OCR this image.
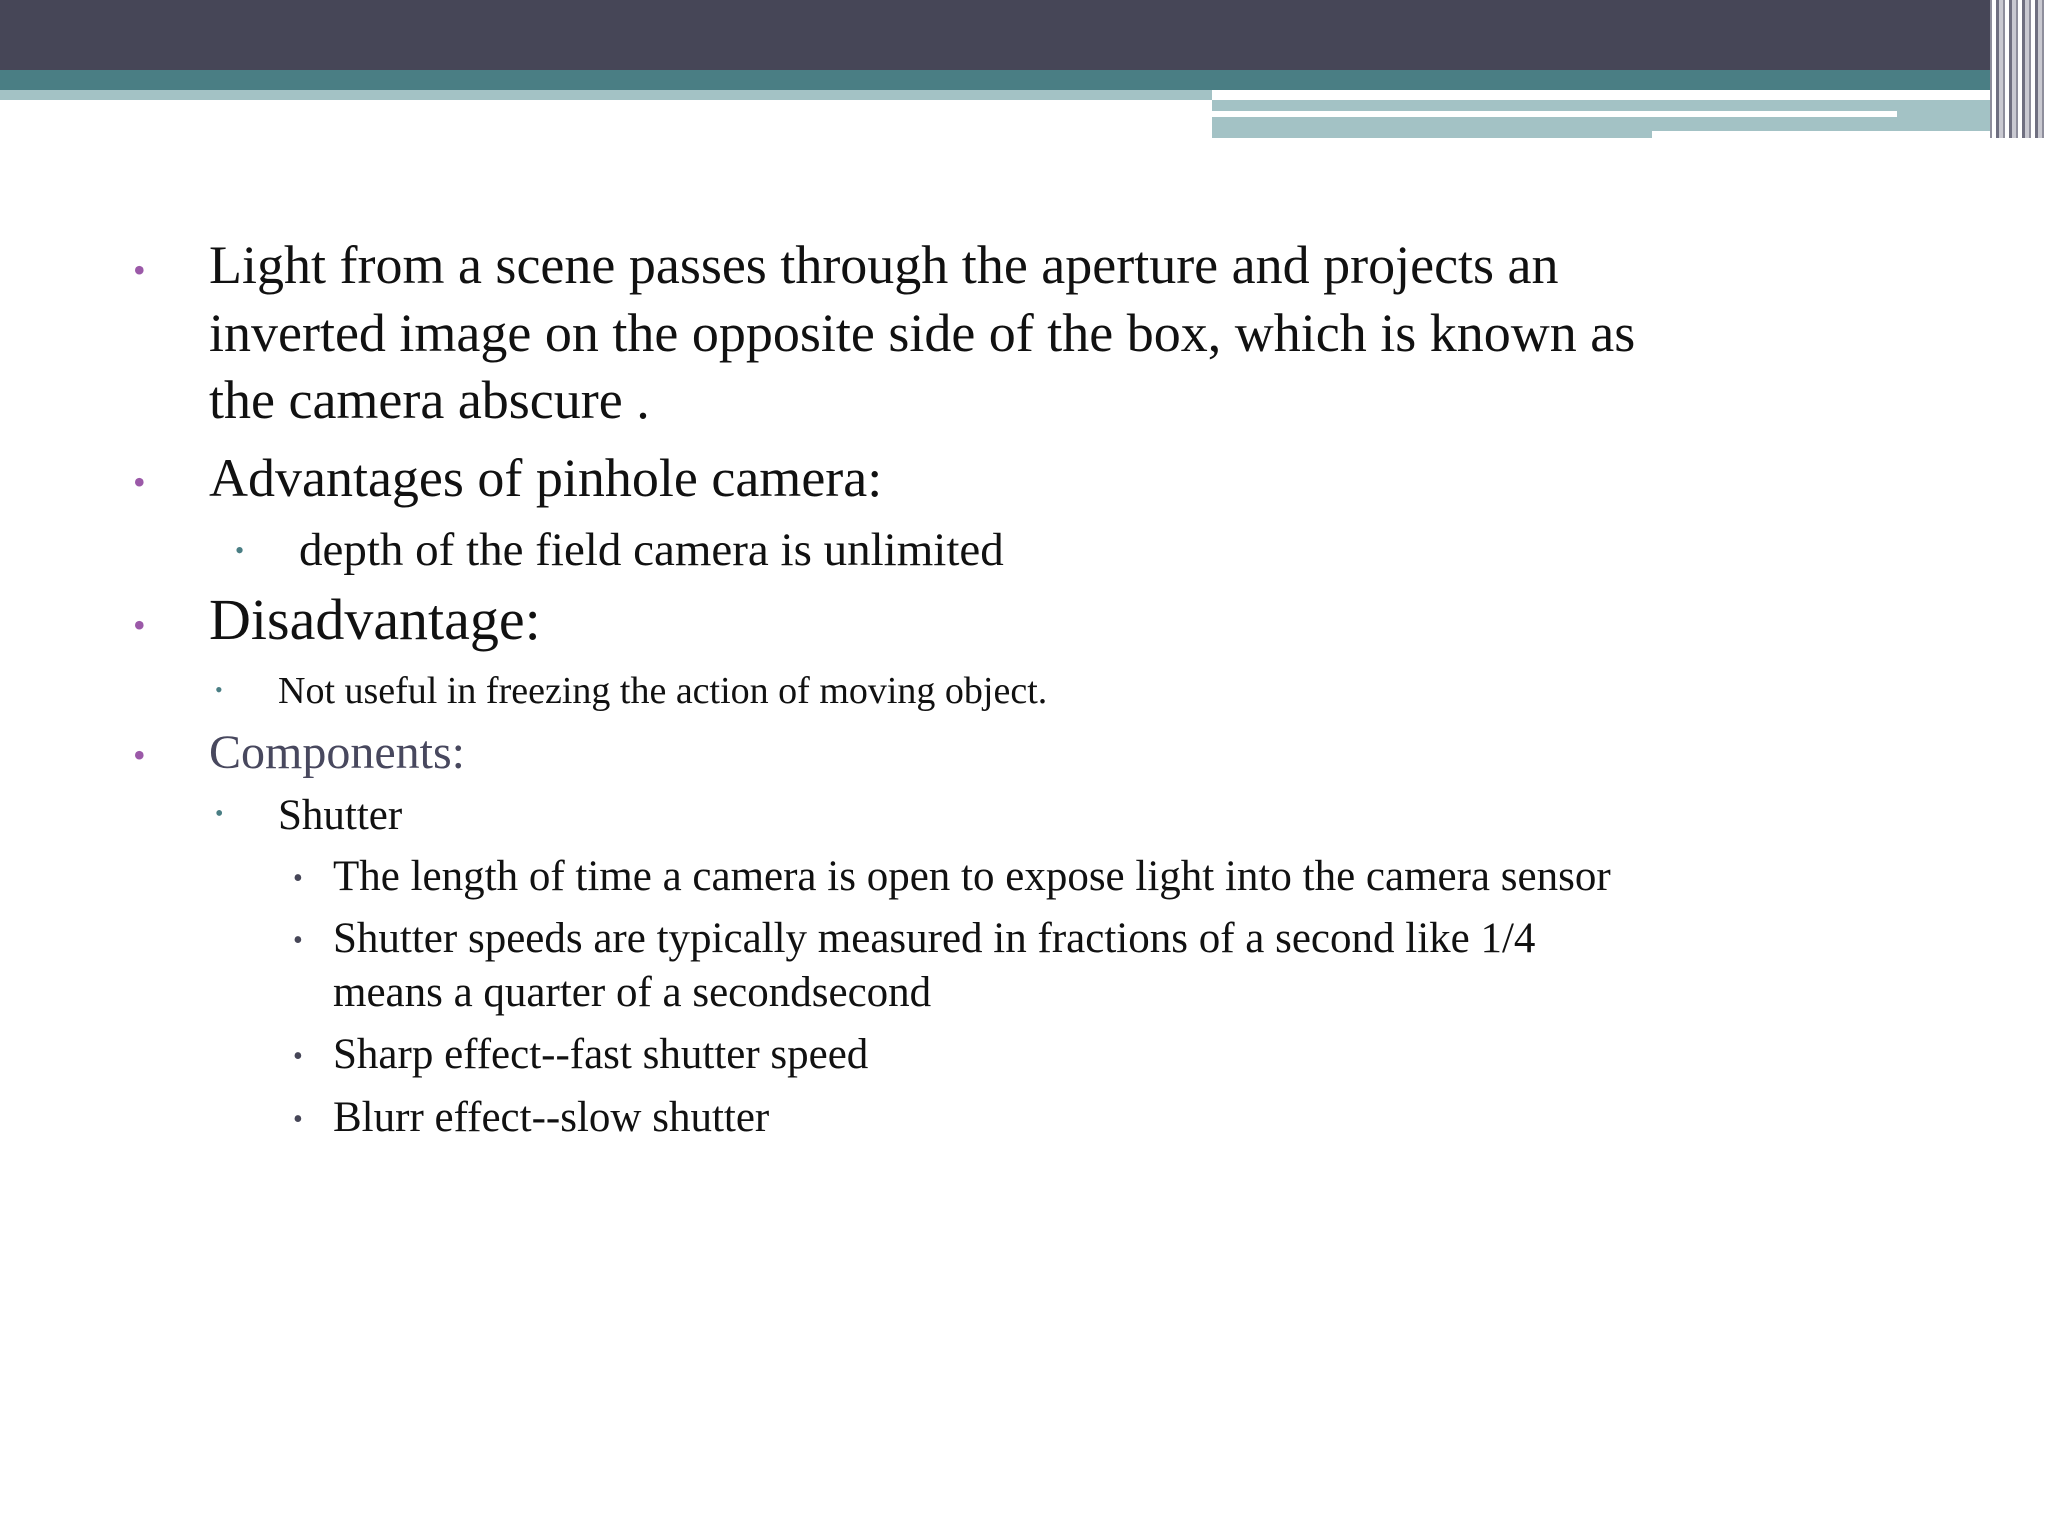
• Light from a scene passes through the aperture and projects an
inverted image on the opposite side of the box, which is known as
the camera abscure .
• Advantages of pinhole camera:
• depth of the field camera is unlimited
• Disadvantage:
• Not useful in freezing the action of moving object.
• Components:
• Shutter
• The length of time a camera is open to expose light into the camera sensor
• Shutter speeds are typically measured in fractions of a second like 1/4
means a quarter of a secondsecond
• Sharp effect--fast shutter speed
• Blurr effect--slow shutter
